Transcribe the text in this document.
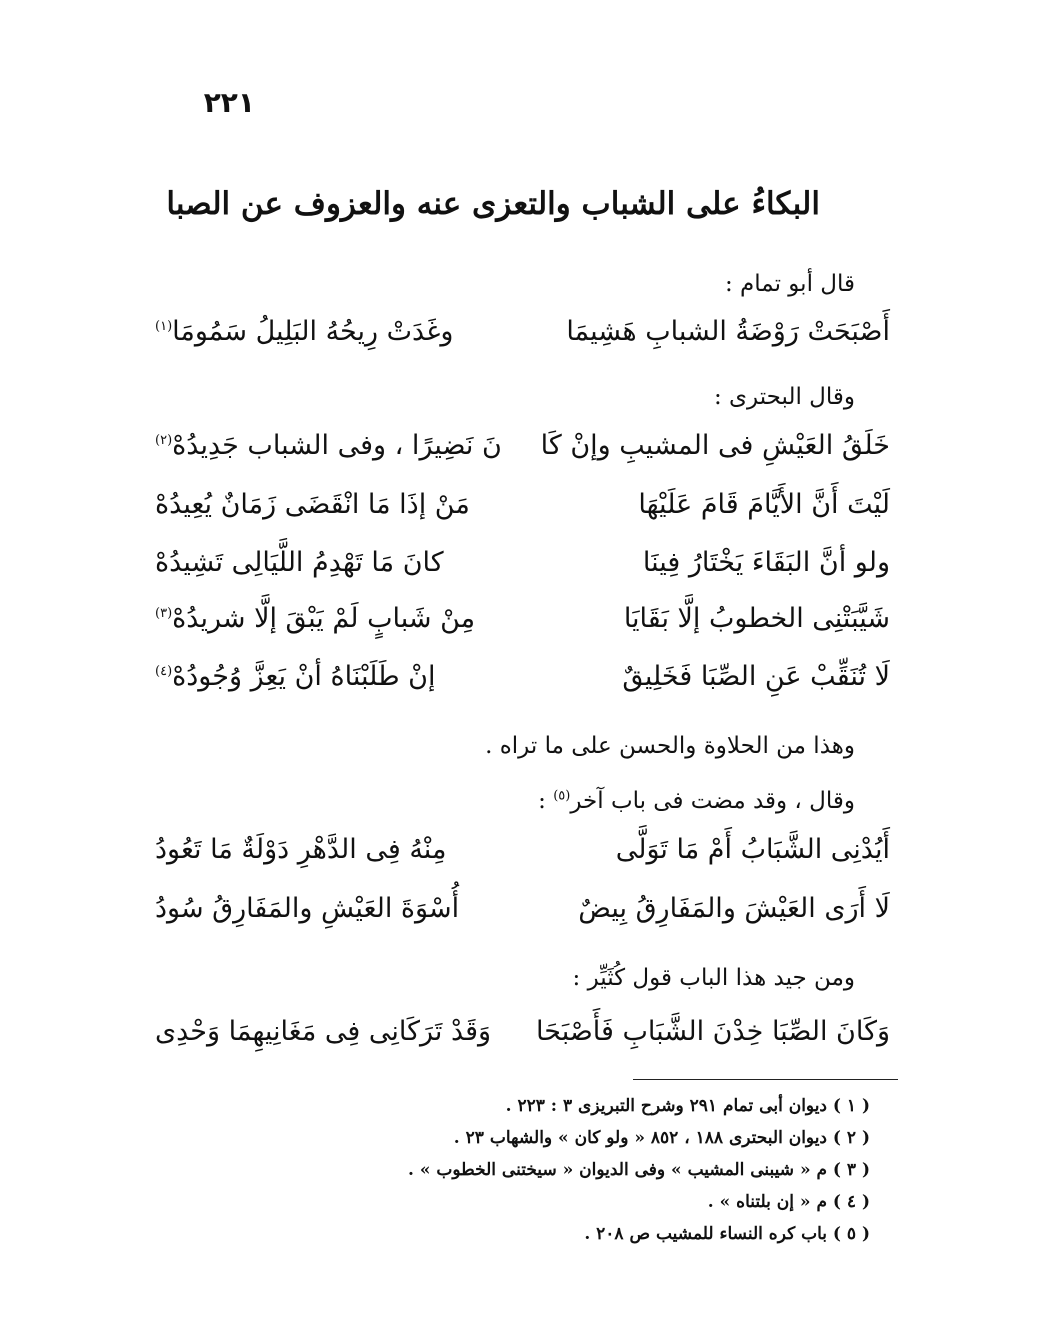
٢٢١
البكاءُ على الشباب والتعزى عنه والعزوف عن الصبا
قال أبو تمام :
أَصْبَحَتْ رَوْضَةُ الشبابِ هَشِيمَا
وغَدَتْ رِيحُهُ البَلِيلُ سَمُومَا$^{(١)}$
وقال البحترى :
خَلَقُ العَيْشِ فى المشيبِ وإنْ كَا
نَ نَضِيرًا ، وفى الشباب جَدِيدُهْ$^{(٢)}$
لَيْتَ أَنَّ الأَيَّامَ قَامَ عَلَيْهَا
مَنْ إذَا مَا انْقَضَى زَمَانٌ يُعِيدُهْ
ولو أنَّ البَقَاءَ يَخْتَارُ فِينَا
كانَ مَا تَهْدِمُ اللَّيَالِى تَشِيدُهْ
شَيَّبَتْنِى الخطوبُ إلَّا بَقَايَا
مِنْ شَبابٍ لَمْ يَبْقَ إلَّا شريدُهْ$^{(٣)}$
لَا تُنَقِّبْ عَنِ الصِّبَا فَخَلِيقٌ
إنْ طَلَبْنَاهُ أنْ يَعِزَّ وُجُودُهْ$^{(٤)}$
وهذا من الحلاوة والحسن على ما تراه .
وقال ، وقد مضت فى باب آخر$^{(٥)}$ :
أَيُدْنِى الشَّبَابُ أَمْ مَا تَوَلَّى
مِنْهُ فِى الدَّهْرِ دَوْلَةٌ مَا تَعُودُ
لَا أَرَى العَيْشَ والمَفَارِقُ بِيضٌ
أُسْوَةَ العَيْشِ والمَفَارِقُ سُودُ
ومن جيد هذا الباب قول كُثَيِّر :
وَكَانَ الصِّبَا خِدْنَ الشَّبَابِ فَأَصْبَحَا
وَقَدْ تَرَكَانِى فِى مَغَانِيهِمَا وَحْدِى
( ١ ) ديوان أبى تمام ٢٩١ وشرح التبريزى ٣ : ٢٢٣ .
( ٢ ) ديوان البحترى ١٨٨ ، ٨٥٢ « ولو كان » والشهاب ٢٣ .
( ٣ ) م « شيبنى المشيب » وفى الديوان « سيختنى الخطوب » .
( ٤ ) م « إن بلتناه » .
( ٥ ) باب كره النساء للمشيب ص ٢٠٨ .
